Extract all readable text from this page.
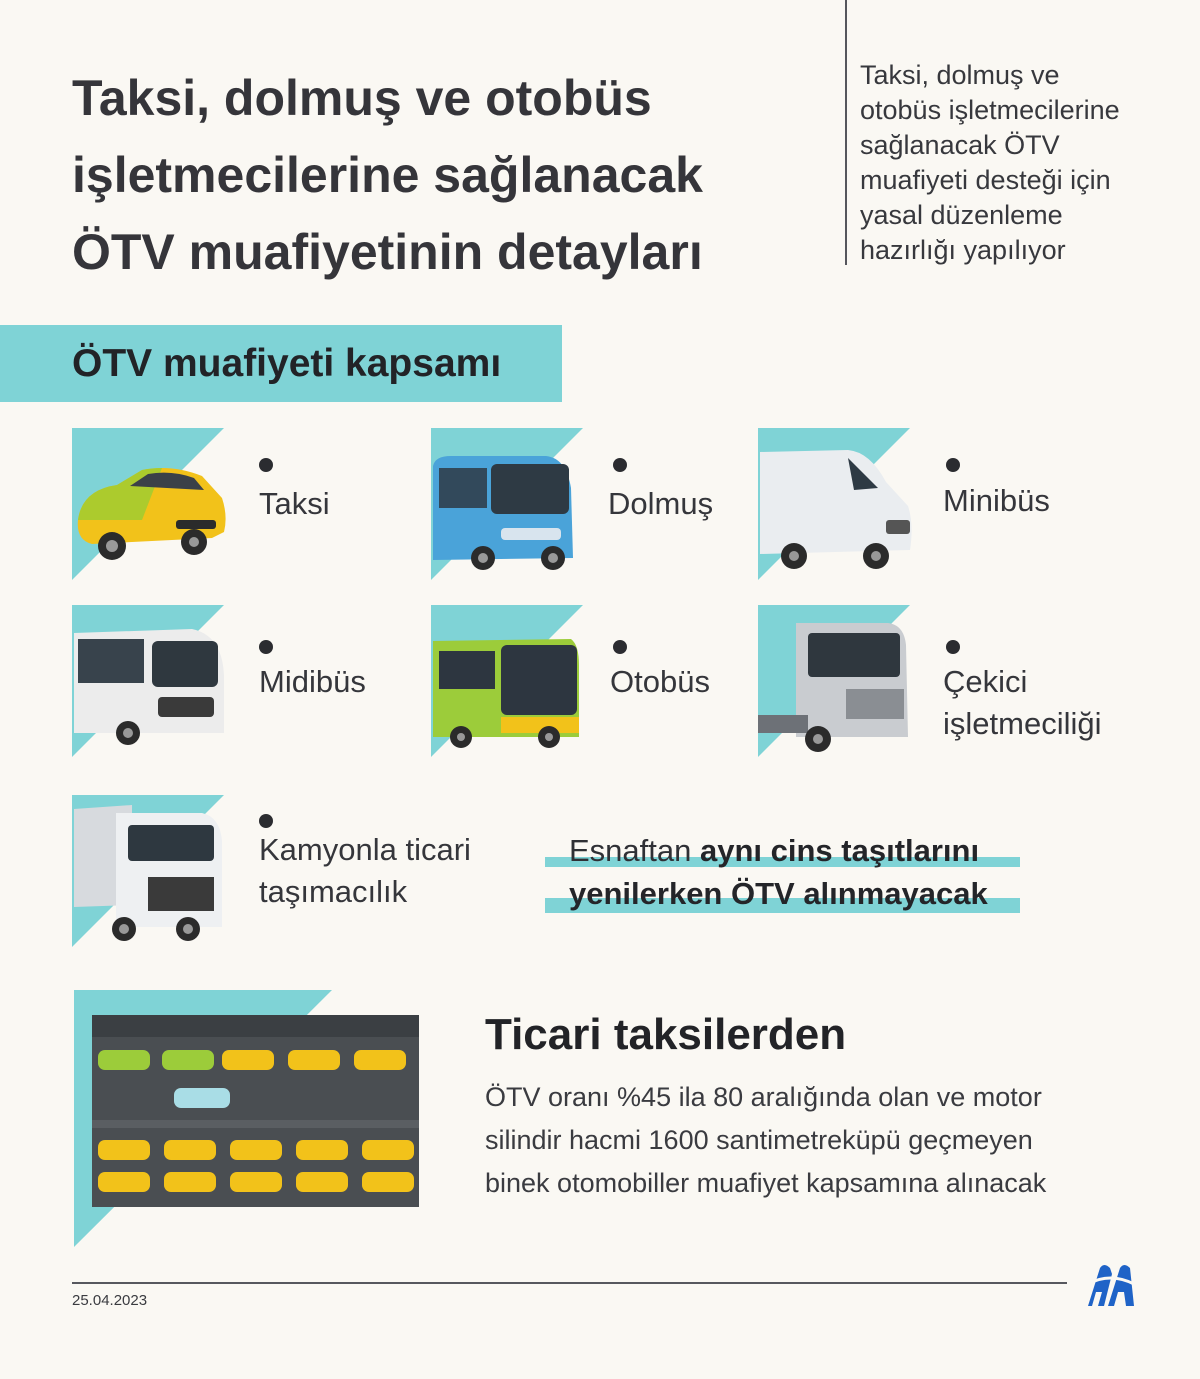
Taksi, dolmuş ve otobüs
işletmecilerine sağlanacak
ÖTV muafiyetinin detayları
Taksi, dolmuş ve
otobüs işletmecilerine
sağlanacak ÖTV
muafiyeti desteği için
yasal düzenleme
hazırlığı yapılıyor
ÖTV muafiyeti kapsamı
Taksi	Dolmuş	Minibüs
Midibüs	Otobüs	Çekici
işletmeciliği
Kamyonla ticari
taşımacılık
Esnaftan aynı cins taşıtlarını
yenilerken ÖTV alınmayacak
Ticari taksilerden
ÖTV oranı %45 ila 80 aralığında olan ve motor
silindir hacmi 1600 santimetreküpü geçmeyen
binek otomobiller muafiyet kapsamına alınacak
25.04.2023
